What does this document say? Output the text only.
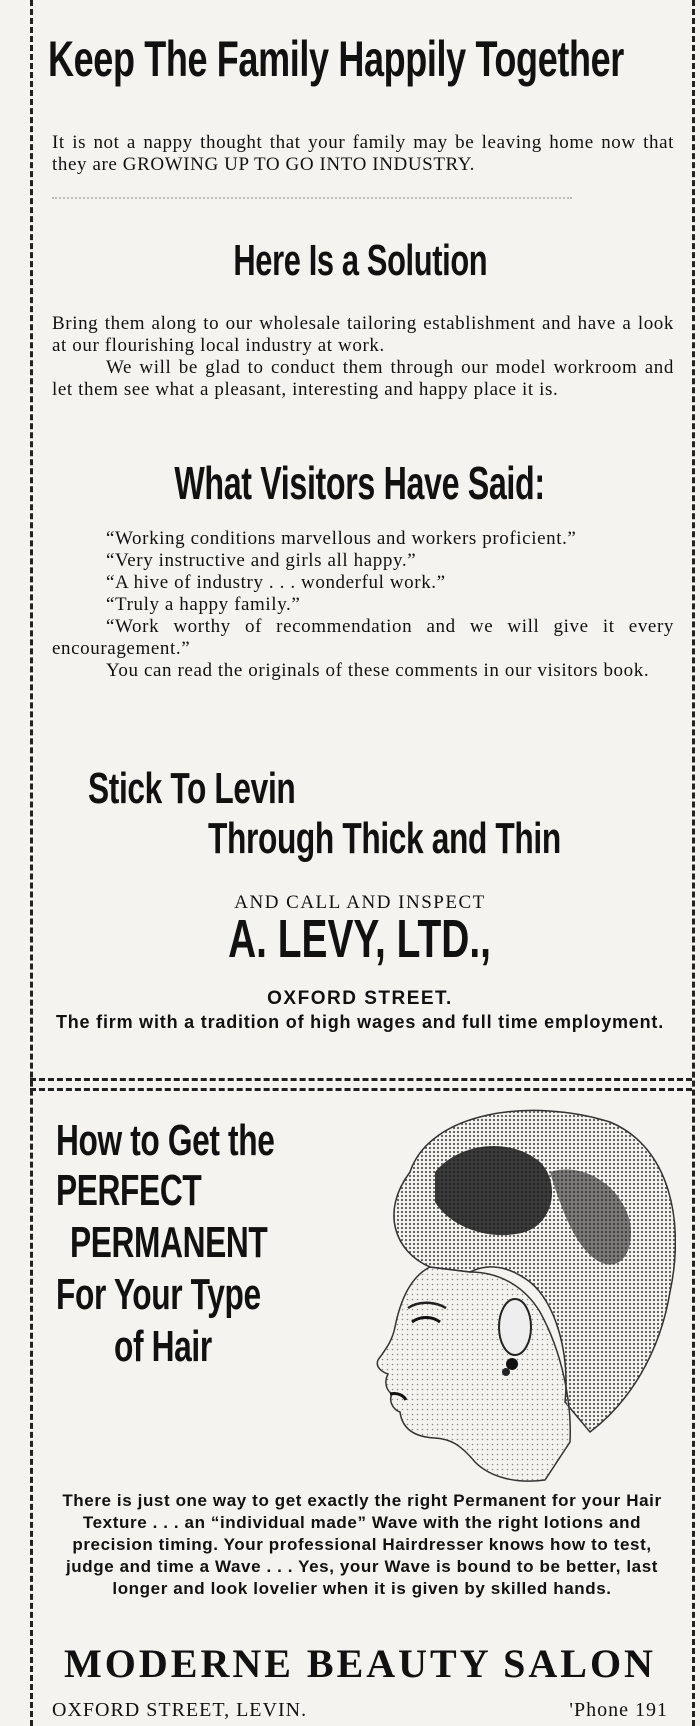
Keep The Family Happily Together

It is not a nappy thought that your family may be leaving home now that they are GROWING UP TO GO INTO INDUSTRY.

Here Is a Solution

Bring them along to our wholesale tailoring establishment and have a look at our flourishing local industry at work.

We will be glad to conduct them through our model workroom and let them see what a pleasant, interesting and happy place it is.

What Visitors Have Said:

“Working conditions marvellous and workers proficient.”

“Very instructive and girls all happy.”

“A hive of industry . . . wonderful work.”

“Truly a happy family.”

“Work worthy of recommendation and we will give it every encouragement.”

You can read the originals of these comments in our visitors book.

Stick To Levin
Through Thick and Thin
AND CALL AND INSPECT
A. LEVY, LTD.,
OXFORD STREET.
The firm with a tradition of high wages and full time employment.
How to Get the
PERFECT
PERMANENT
For Your Type
of Hair

There is just one way to get exactly the right Permanent for your Hair Texture . . . an “individual made” Wave with the right lotions and precision timing. Your professional Hairdresser knows how to test, judge and time a Wave . . . Yes, your Wave is bound to be better, last longer and look lovelier when it is given by skilled hands.

MODERNE BEAUTY SALON
OXFORD STREET, LEVIN.	'Phone 191
